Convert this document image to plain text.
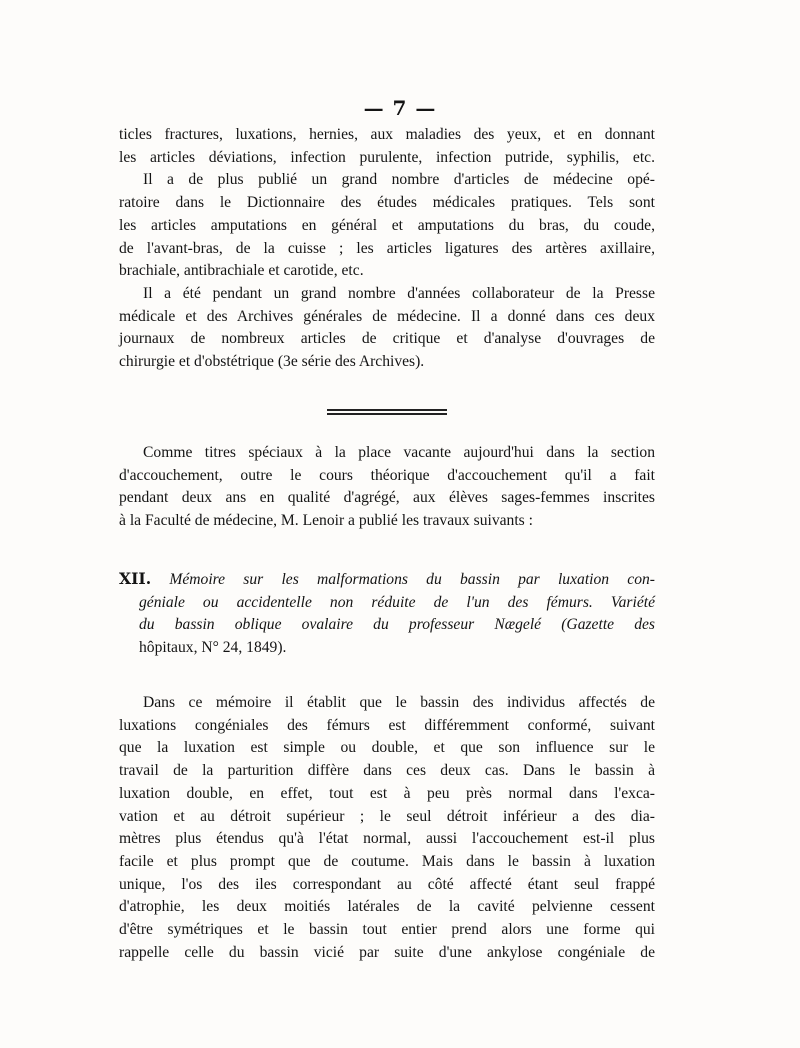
— 7 —
ticles fractures, luxations, hernies, aux maladies des yeux, et en donnant
les articles déviations, infection purulente, infection putride, syphilis, etc.
Il a de plus publié un grand nombre d'articles de médecine opé-
ratoire dans le Dictionnaire des études médicales pratiques. Tels sont
les articles amputations en général et amputations du bras, du coude,
de l'avant-bras, de la cuisse ; les articles ligatures des artères axillaire,
brachiale, antibrachiale et carotide, etc.
Il a été pendant un grand nombre d'années collaborateur de la Presse
médicale et des Archives générales de médecine. Il a donné dans ces deux
journaux de nombreux articles de critique et d'analyse d'ouvrages de
chirurgie et d'obstétrique (3e série des Archives).
Comme titres spéciaux à la place vacante aujourd'hui dans la section
d'accouchement, outre le cours théorique d'accouchement qu'il a fait
pendant deux ans en qualité d'agrégé, aux élèves sages-femmes inscrites
à la Faculté de médecine, M. Lenoir a publié les travaux suivants :
XII. Mémoire sur les malformations du bassin par luxation con-
géniale ou accidentelle non réduite de l'un des fémurs. Variété
du bassin oblique ovalaire du professeur Nægelé (Gazette des
hôpitaux, N° 24, 1849).
Dans ce mémoire il établit que le bassin des individus affectés de
luxations congéniales des fémurs est différemment conformé, suivant
que la luxation est simple ou double, et que son influence sur le
travail de la parturition diffère dans ces deux cas. Dans le bassin à
luxation double, en effet, tout est à peu près normal dans l'exca-
vation et au détroit supérieur ; le seul détroit inférieur a des dia-
mètres plus étendus qu'à l'état normal, aussi l'accouchement est-il plus
facile et plus prompt que de coutume. Mais dans le bassin à luxation
unique, l'os des iles correspondant au côté affecté étant seul frappé
d'atrophie, les deux moitiés latérales de la cavité pelvienne cessent
d'être symétriques et le bassin tout entier prend alors une forme qui
rappelle celle du bassin vicié par suite d'une ankylose congéniale de
